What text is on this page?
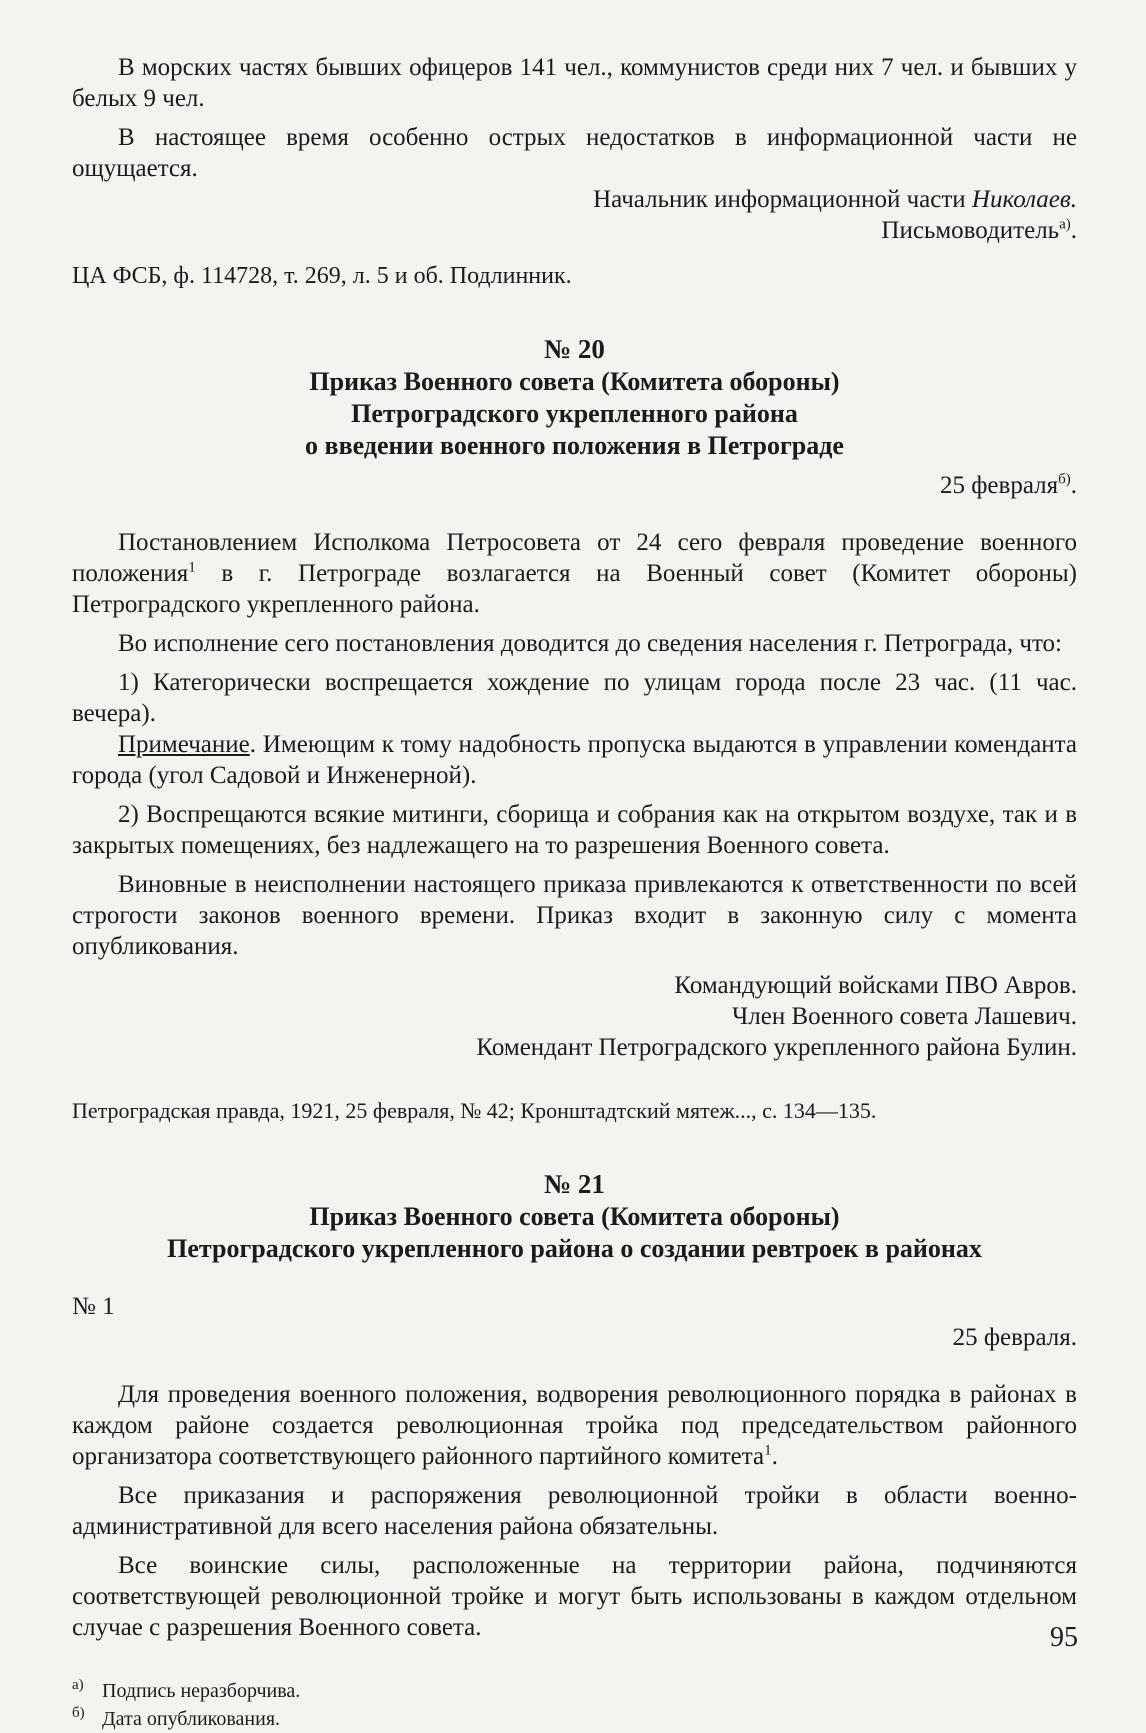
В морских частях бывших офицеров 141 чел., коммунистов среди них 7 чел. и бывших у белых 9 чел.

В настоящее время особенно острых недостатков в информационной части не ощущается.

Начальник информационной части Николаев.

Письмоводитель$^{а)}$.

ЦА ФСБ, ф. 114728, т. 269, л. 5 и об. Подлинник.

№ 20

Приказ Военного совета (Комитета обороны)

Петроградского укрепленного района

о введении военного положения в Петрограде

25 февраля$^{б)}$.

Постановлением Исполкома Петросовета от 24 сего февраля проведение военного положения$^1$ в г. Петрограде возлагается на Военный совет (Комитет обороны) Петроградского укрепленного района.

Во исполнение сего постановления доводится до сведения населения г. Петрограда, что:

1) Категорически воспрещается хождение по улицам города после 23 час. (11 час. вечера).

Примечание. Имеющим к тому надобность пропуска выдаются в управлении коменданта города (угол Садовой и Инженерной).

2) Воспрещаются всякие митинги, сборища и собрания как на открытом воздухе, так и в закрытых помещениях, без надлежащего на то разрешения Военного совета.

Виновные в неисполнении настоящего приказа привлекаются к ответственности по всей строгости законов военного времени. Приказ входит в законную силу с момента опубликования.

Командующий войсками ПВО Авров.

Член Военного совета Лашевич.

Комендант Петроградского укрепленного района Булин.

Петроградская правда, 1921, 25 февраля, № 42; Кронштадтский мятеж..., с. 134—135.

№ 21

Приказ Военного совета (Комитета обороны)

Петроградского укрепленного района о создании ревтроек в районах

№ 1

25 февраля.

Для проведения военного положения, водворения революционного порядка в районах в каждом районе создается революционная тройка под председательством районного организатора соответствующего районного партийного комитета$^1$.

Все приказания и распоряжения революционной тройки в области военно-административной для всего населения района обязательны.

Все воинские силы, расположенные на территории района, подчиняются соответствующей революционной тройке и могут быть использованы в каждом отдельном случае с разрешения Военного совета.

а) Подпись неразборчива.

б) Дата опубликования.

95
